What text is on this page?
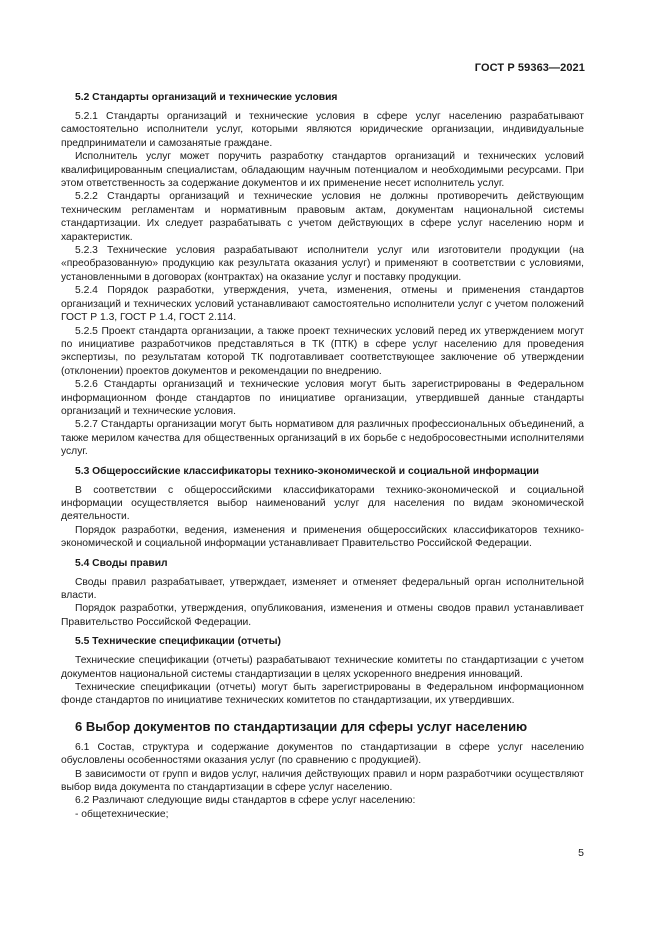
ГОСТ Р 59363—2021
5.2 Стандарты организаций и технические условия

5.2.1 Стандарты организаций и технические условия в сфере услуг населению разрабатывают самостоятельно исполнители услуг, которыми являются юридические организации, индивидуальные предприниматели и самозанятые граждане.

Исполнитель услуг может поручить разработку стандартов организаций и технических условий квалифицированным специалистам, обладающим научным потенциалом и необходимыми ресурсами. При этом ответственность за содержание документов и их применение несет исполнитель услуг.

5.2.2 Стандарты организаций и технические условия не должны противоречить действующим техническим регламентам и нормативным правовым актам, документам национальной системы стандартизации. Их следует разрабатывать с учетом действующих в сфере услуг населению норм и характеристик.

5.2.3 Технические условия разрабатывают исполнители услуг или изготовители продукции (на «преобразованную» продукцию как результата оказания услуг) и применяют в соответствии с условиями, установленными в договорах (контрактах) на оказание услуг и поставку продукции.

5.2.4 Порядок разработки, утверждения, учета, изменения, отмены и применения стандартов организаций и технических условий устанавливают самостоятельно исполнители услуг с учетом положений ГОСТ Р 1.3, ГОСТ Р 1.4, ГОСТ 2.114.

5.2.5 Проект стандарта организации, а также проект технических условий перед их утверждением могут по инициативе разработчиков представляться в ТК (ПТК) в сфере услуг населению для проведения экспертизы, по результатам которой ТК подготавливает соответствующее заключение об утверждении (отклонении) проектов документов и рекомендации по внедрению.

5.2.6 Стандарты организаций и технические условия могут быть зарегистрированы в Федеральном информационном фонде стандартов по инициативе организации, утвердившей данные стандарты организаций и технические условия.

5.2.7 Стандарты организации могут быть нормативом для различных профессиональных объединений, а также мерилом качества для общественных организаций в их борьбе с недобросовестными исполнителями услуг.

5.3 Общероссийские классификаторы технико-экономической и социальной информации

В соответствии с общероссийскими классификаторами технико-экономической и социальной информации осуществляется выбор наименований услуг для населения по видам экономической деятельности.

Порядок разработки, ведения, изменения и применения общероссийских классификаторов технико-экономической и социальной информации устанавливает Правительство Российской Федерации.

5.4 Своды правил

Своды правил разрабатывает, утверждает, изменяет и отменяет федеральный орган исполнительной власти.

Порядок разработки, утверждения, опубликования, изменения и отмены сводов правил устанавливает Правительство Российской Федерации.

5.5 Технические спецификации (отчеты)

Технические спецификации (отчеты) разрабатывают технические комитеты по стандартизации с учетом документов национальной системы стандартизации в целях ускоренного внедрения инноваций.

Технические спецификации (отчеты) могут быть зарегистрированы в Федеральном информационном фонде стандартов по инициативе технических комитетов по стандартизации, их утвердивших.

6 Выбор документов по стандартизации для сферы услуг населению

6.1 Состав, структура и содержание документов по стандартизации в сфере услуг населению обусловлены особенностями оказания услуг (по сравнению с продукцией).

В зависимости от групп и видов услуг, наличия действующих правил и норм разработчики осуществляют выбор вида документа по стандартизации в сфере услуг населению.

6.2 Различают следующие виды стандартов в сфере услуг населению:

- общетехнические;

5
